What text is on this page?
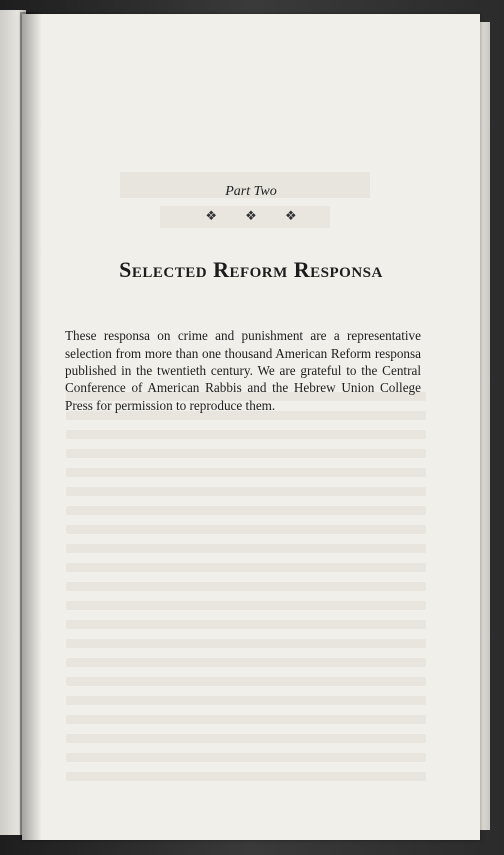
Part Two
❖ ❖ ❖
Selected Reform Responsa

These responsa on crime and punishment are a representative selection from more than one thousand American Reform responsa published in the twentieth century. We are grateful to the Central Conference of American Rabbis and the Hebrew Union College Press for permission to reproduce them.
